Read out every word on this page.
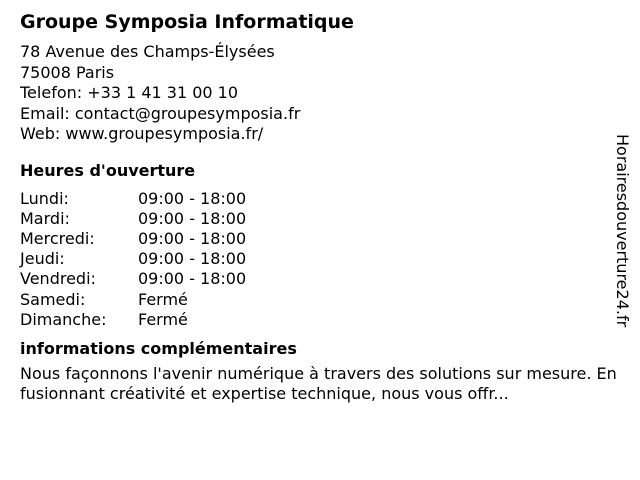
Groupe Symposia Informatique
78 Avenue des Champs-Élysées
75008 Paris
Telefon: +33 1 41 31 00 10
Email: contact@groupesymposia.fr
Web: www.groupesymposia.fr/
Heures d'ouverture
Lundi:	09:00 - 18:00
Mardi:	09:00 - 18:00
Mercredi:	09:00 - 18:00
Jeudi:	09:00 - 18:00
Vendredi:	09:00 - 18:00
Samedi:	Fermé
Dimanche:	Fermé
informations complémentaires

Nous façonnons l'avenir numérique à travers des solutions sur mesure. En fusionnant créativité et expertise technique, nous vous offr...

Horairesdouverture24.fr
